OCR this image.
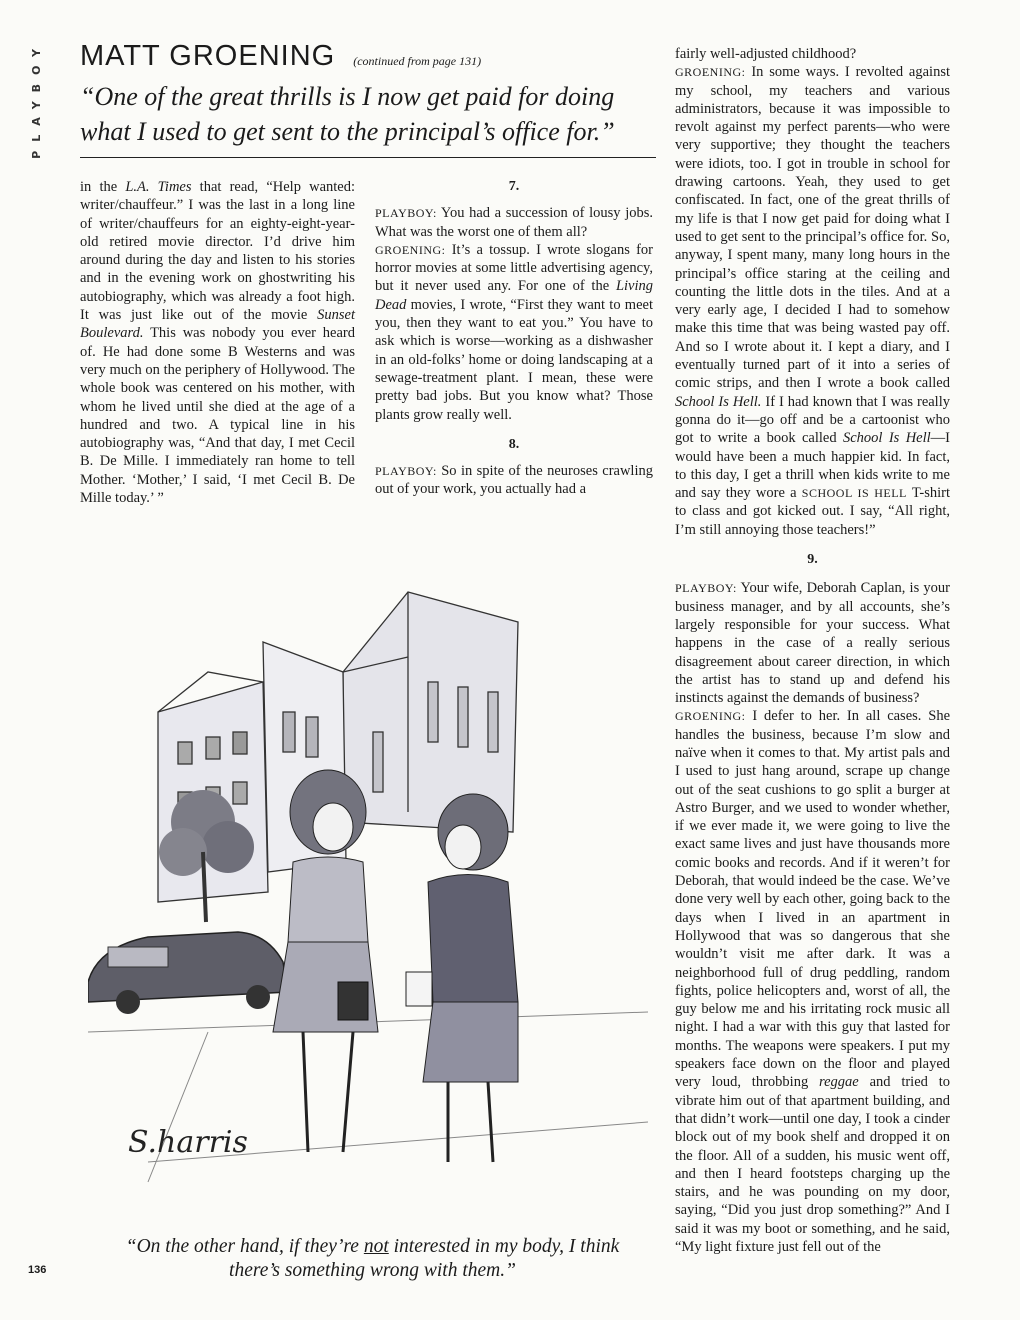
PLAYBOY MATT GROENING (continued from page 131)
“One of the great thrills is I now get paid for doing what I used to get sent to the principal’s office for.”

in the L.A. Times that read, “Help wanted: writer/chauffeur.” I was the last in a long line of writer/chauffeurs for an eighty-eight-year-old retired movie director. I’d drive him around during the day and listen to his stories and in the evening work on ghostwriting his autobiography, which was already a foot high. It was just like out of the movie Sunset Boulevard. This was nobody you ever heard of. He had done some B Westerns and was very much on the periphery of Hollywood. The whole book was centered on his mother, with whom he lived until she died at the age of a hundred and two. A typical line in his autobiography was, “And that day, I met Cecil B. De Mille. I immediately ran home to tell Mother. ‘Mother,’ I said, ‘I met Cecil B. De Mille today.’ ”

7.

PLAYBOY: You had a succession of lousy jobs. What was the worst one of them all?

GROENING: It’s a tossup. I wrote slogans for horror movies at some little advertising agency, but it never used any. For one of the Living Dead movies, I wrote, “First they want to meet you, then they want to eat you.” You have to ask which is worse—working as a dishwasher in an old-folks’ home or doing landscaping at a sewage-treatment plant. I mean, these were pretty bad jobs. But you know what? Those plants grow really well.

8.

PLAYBOY: So in spite of the neuroses crawling out of your work, you actually had a

fairly well-adjusted childhood?

GROENING: In some ways. I revolted against my school, my teachers and various administrators, because it was impossible to revolt against my perfect parents—who were very supportive; they thought the teachers were idiots, too. I got in trouble in school for drawing cartoons. Yeah, they used to get confiscated. In fact, one of the great thrills of my life is that I now get paid for doing what I used to get sent to the principal’s office for. So, anyway, I spent many, many long hours in the principal’s office staring at the ceiling and counting the little dots in the tiles. And at a very early age, I decided I had to somehow make this time that was being wasted pay off. And so I wrote about it. I kept a diary, and I eventually turned part of it into a series of comic strips, and then I wrote a book called School Is Hell. If I had known that I was really gonna do it—go off and be a cartoonist who got to write a book called School Is Hell—I would have been a much happier kid. In fact, to this day, I get a thrill when kids write to me and say they wore a SCHOOL IS HELL T-shirt to class and got kicked out. I say, “All right, I’m still annoying those teachers!”

9.

PLAYBOY: Your wife, Deborah Caplan, is your business manager, and by all accounts, she’s largely responsible for your success. What happens in the case of a really serious disagreement about career direction, in which the artist has to stand up and defend his instincts against the demands of business?

GROENING: I defer to her. In all cases. She handles the business, because I’m slow and naïve when it comes to that. My artist pals and I used to just hang around, scrape up change out of the seat cushions to go split a burger at Astro Burger, and we used to wonder whether, if we ever made it, we were going to live the exact same lives and just have thousands more comic books and records. And if it weren’t for Deborah, that would indeed be the case. We’ve done very well by each other, going back to the days when I lived in an apartment in Hollywood that was so dangerous that she wouldn’t visit me after dark. It was a neighborhood full of drug peddling, random fights, police helicopters and, worst of all, the guy below me and his irritating rock music all night. I had a war with this guy that lasted for months. The weapons were speakers. I put my speakers face down on the floor and played very loud, throbbing reggae and tried to vibrate him out of that apartment building, and that didn’t work—until one day, I took a cinder block out of my book shelf and dropped it on the floor. All of a sudden, his music went off, and then I heard footsteps charging up the stairs, and he was pounding on my door, saying, “Did you just drop something?” And I said it was my boot or something, and he said, “My light fixture just fell out of the

S.harris
“On the other hand, if they’re not interested in my body, I think there’s something wrong with them.”
136
